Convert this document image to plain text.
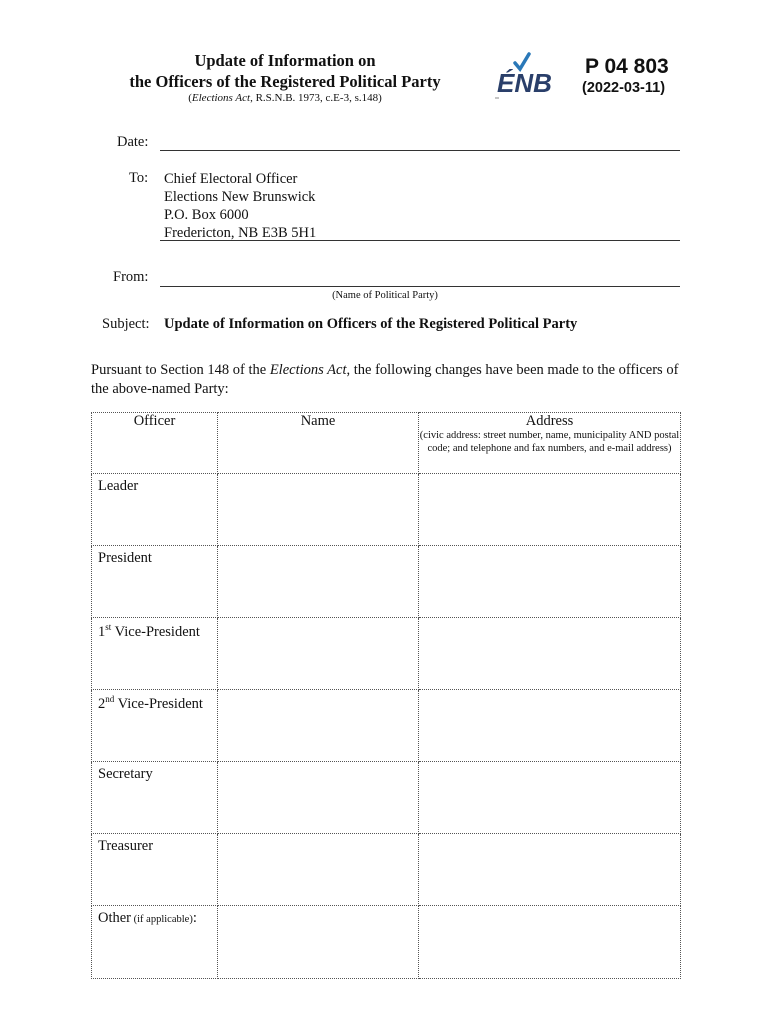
Update of Information on
the Officers of the Registered Political Party
(Elections Act, R.S.N.B. 1973, c.E-3, s.148)	ÉNB
P 04 803
(2022-03-11)
Date:
To: Chief Electoral Officer
Elections New Brunswick
P.O. Box 6000
Fredericton, NB E3B 5H1
From:
(Name of Political Party)
Subject: Update of Information on Officers of the Registered Political Party
Pursuant to Section 148 of the Elections Act, the following changes have been made to the officers of the above-named Party:
Officer	Name	Address
(civic address: street number, name, municipality AND postal code; and telephone and fax numbers, and e-mail address)

Leader		
President		
1st Vice-President		
2nd Vice-President		
Secretary		
Treasurer		
Other (if applicable):		
